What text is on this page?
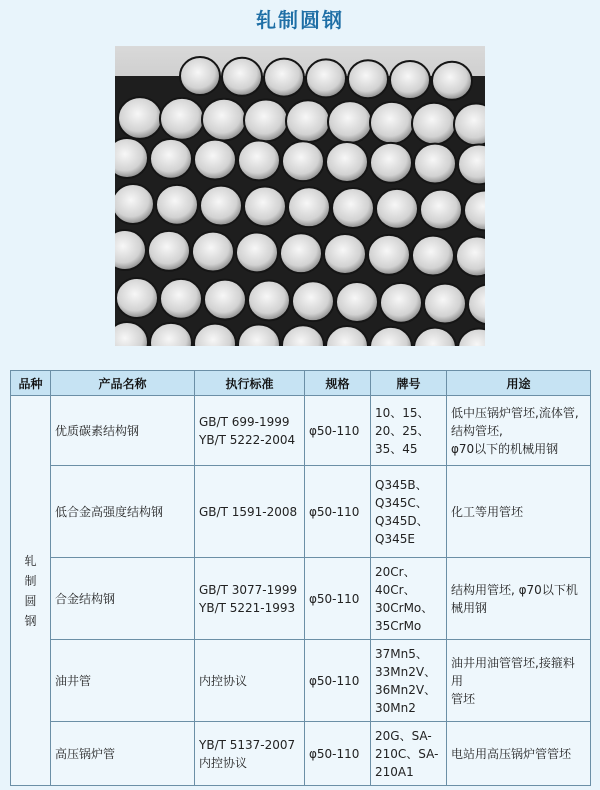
轧制圆钢
品种	产品名称	执行标准	规格	牌号	用途

轧
制
圆
钢	优质碳素结构钢	GB/T 699-1999
YB/T 5222-2004	φ50-110	10、15、
20、25、
35、45	低中压锅炉管坯,流体管,
结构管坯,
φ70以下的机械用钢

	低合金高强度结构钢	GB/T 1591-2008	φ50-110	Q345B、
Q345C、
Q345D、
Q345E	化工等用管坯

	合金结构钢	GB/T 3077-1999
YB/T 5221-1993	φ50-110	20Cr、
40Cr、
30CrMo、
35CrMo	结构用管坯, φ70以下机
械用钢

	油井管	内控协议	φ50-110	37Mn5、
33Mn2V、
36Mn2V、
30Mn2	油井用油管管坯,接箍料用
管坯

	高压锅炉管	YB/T 5137-2007
内控协议	φ50-110	20G、SA-
210C、SA-
210A1	电站用高压锅炉管管坯
